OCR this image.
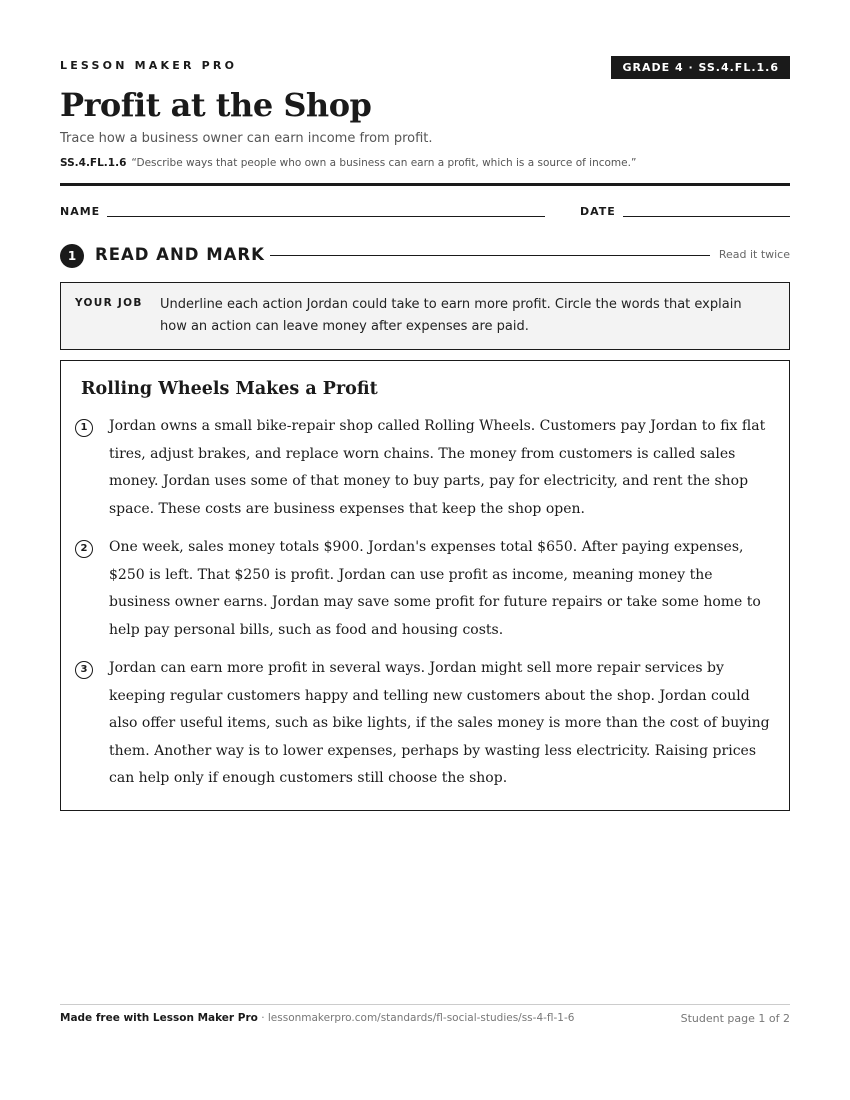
LESSON MAKER PRO	GRADE 4 · SS.4.FL.1.6
Profit at the Shop
Trace how a business owner can earn income from profit.
SS.4.FL.1.6 “Describe ways that people who own a business can earn a profit, which is a source of income.”
NAME	DATE
1	READ AND MARK	Read it twice
YOUR JOB Underline each action Jordan could take to earn more profit. Circle the words that explain how an action can leave money after expenses are paid.
Rolling Wheels Makes a Profit
1	Jordan owns a small bike-repair shop called Rolling Wheels. Customers pay Jordan to fix flat tires, adjust brakes, and replace worn chains. The money from customers is called sales money. Jordan uses some of that money to buy parts, pay for electricity, and rent the shop space. These costs are business expenses that keep the shop open.
2	One week, sales money totals $900. Jordan's expenses total $650. After paying expenses, $250 is left. That $250 is profit. Jordan can use profit as income, meaning money the business owner earns. Jordan may save some profit for future repairs or take some home to help pay personal bills, such as food and housing costs.
3	Jordan can earn more profit in several ways. Jordan might sell more repair services by keeping regular customers happy and telling new customers about the shop. Jordan could also offer useful items, such as bike lights, if the sales money is more than the cost of buying them. Another way is to lower expenses, perhaps by wasting less electricity. Raising prices can help only if enough customers still choose the shop.
Made free with Lesson Maker Pro · lessonmakerpro.com/standards/fl-social-studies/ss-4-fl-1-6	Student page 1 of 2
